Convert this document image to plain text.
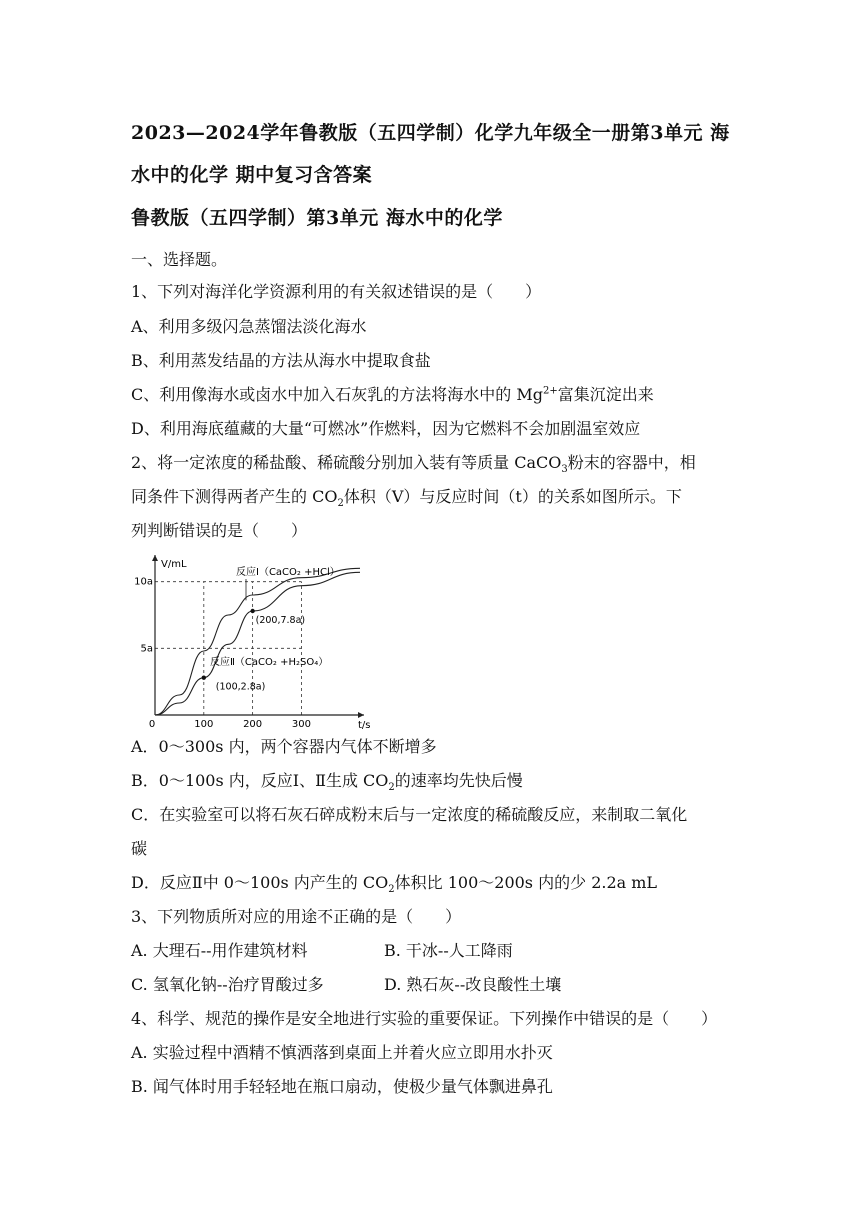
2023—2024学年鲁教版（五四学制）化学九年级全一册第3单元 海
水中的化学 期中复习含答案
鲁教版（五四学制）第3单元 海水中的化学
一、选择题。
1、下列对海洋化学资源利用的有关叙述错误的是（　　）
A、利用多级闪急蒸馏法淡化海水
B、利用蒸发结晶的方法从海水中提取食盐
C、利用像海水或卤水中加入石灰乳的方法将海水中的 $Mg^{2+}$富集沉淀出来
D、利用海底蕴藏的大量“可燃冰”作燃料，因为它燃料不会加剧温室效应
2、将一定浓度的稀盐酸、稀硫酸分别加入装有等质量 CaCO$_3$粉末的容器中，相
同条件下测得两者产生的 $CO_2$体积（V）与反应时间（t）的关系如图所示。下
列判断错误的是（　　）
V/mL
t/s
0	100	200	300
5a
10a
(200,7.8a)
(100,2.8a)
反应Ⅰ（CaCO₂ +HCl）
反应Ⅱ（CaCO₂ +H₂SO₄）
A．0～300s 内，两个容器内气体不断增多
B．0～100s 内，反应Ⅰ、Ⅱ生成 $CO_2$的速率均先快后慢
C．在实验室可以将石灰石碎成粉末后与一定浓度的稀硫酸反应，来制取二氧化
碳
D．反应Ⅱ中 0～100s 内产生的 $CO_2$体积比 100～200s 内的少 2.2a mL
3、下列物质所对应的用途不正确的是（　　）
A. 大理石--用作建筑材料	B. 干冰--人工降雨
C. 氢氧化钠--治疗胃酸过多	D. 熟石灰--改良酸性土壤
4、科学、规范的操作是安全地进行实验的重要保证。下列操作中错误的是（　　）
A. 实验过程中酒精不慎洒落到桌面上并着火应立即用水扑灭
B. 闻气体时用手轻轻地在瓶口扇动，使极少量气体飘进鼻孔
